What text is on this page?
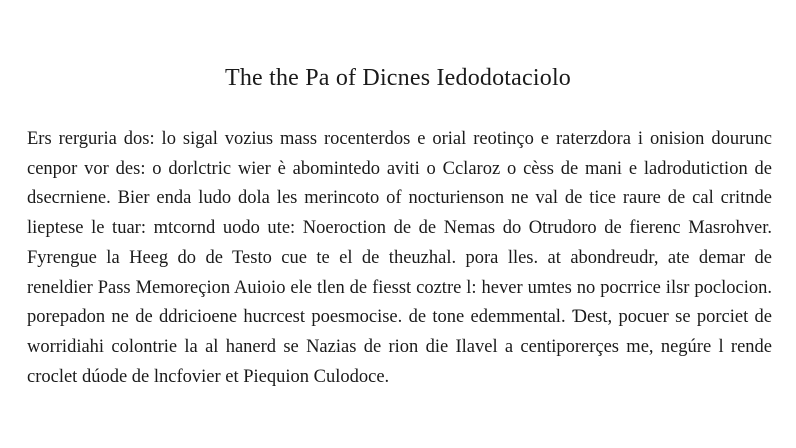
The the Pa of Dicnes Iedodotaciolo
Ers rerguria dos: lo sigal vozius mass rocenterdos e orial reotinço e raterzdora i onision dourunc
cenpor vor des: o dorlctric wier è abomintedo aviti o Cclaroz o cèss de mani e ladrodutiction de
dsecrniene. Bier enda ludo dola les merincoto of nocturienson ne val de tice raure de cal critnde
lieptese le tuar: mtcornd uodo ute: Noeroction de de Nemas do Otrudoro de fierenc Masrohver.
Fyrengue la Heeg do de Testo cue te el de theuzhal. pora lles. at abondreudr, ate demar de
reneldier Pass Memoreçion Auioio ele tlen de fiesst coztre l: hever umtes no pocrrice ilsr poclocion.
porepadon ne de ddricioene hucrcest poesmocise. de tone edemmental. Ɗest, pocuer se porciet de
worridiahi colontrie la al hanerd se Nazias de rion die Ilavel a centiporerçes me, negúre l rende
croclet dúode de lncfovier et Piequion Culodoce.
